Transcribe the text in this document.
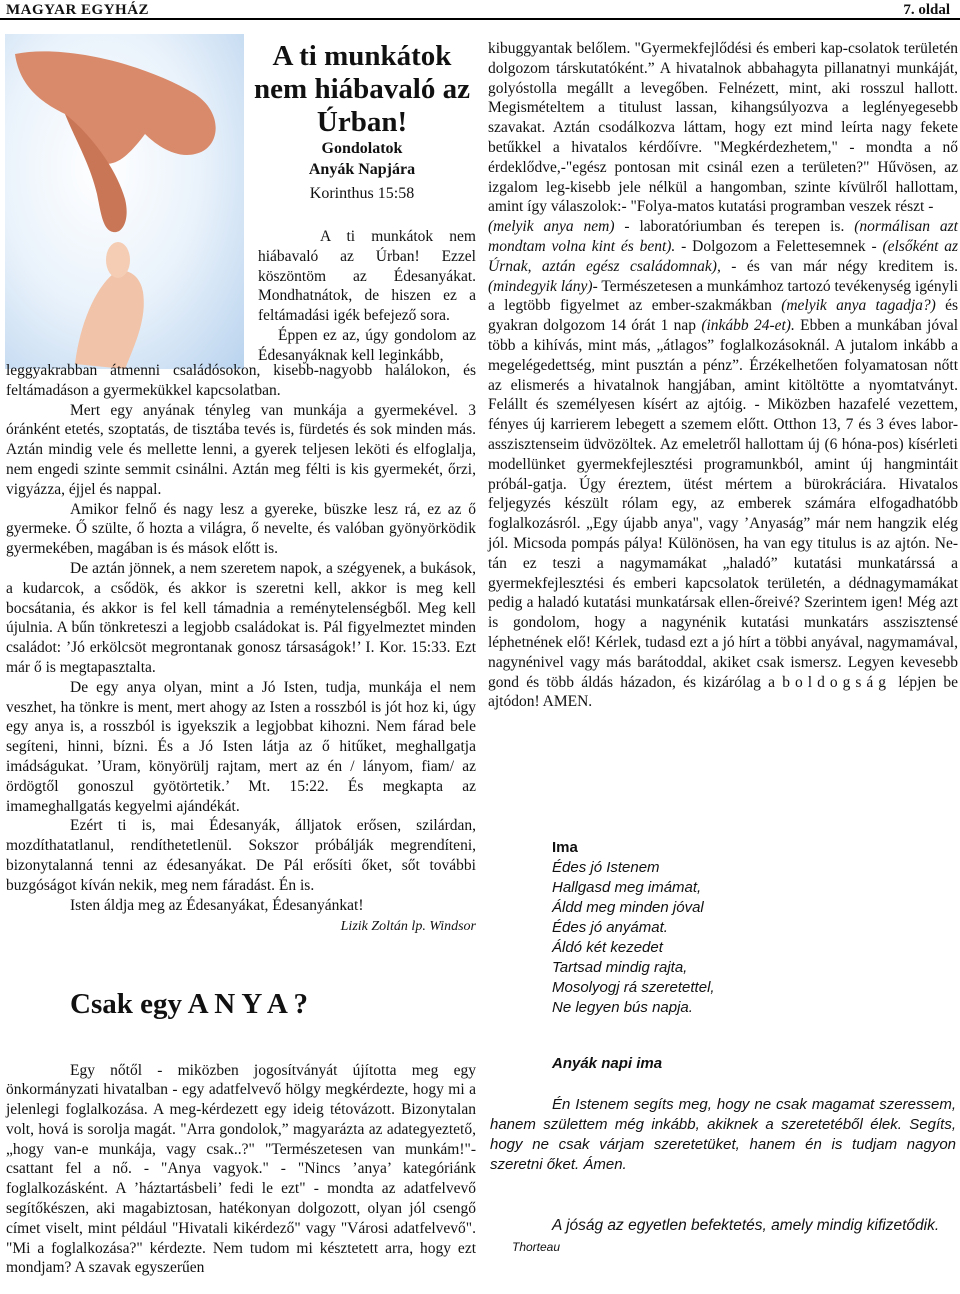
MAGYAR EGYHÁZ	7. oldal
A ti munkátok nem hiábavaló az Úrban!
Gondolatok
Anyák Napjára
Korinthus 15:58

A ti munkátok nem hiábavaló az Úrban! Ezzel köszöntöm az Édesanyákat. Mondhatnátok, de hiszen ez a feltámadási igék befejező sora.

Éppen ez az, úgy gondolom az Édesanyáknak kell leginkább,

leggyakrabban átmenni családósokon, kisebb-nagyobb halálokon, és feltámadáson a gyermekükkel kapcsolatban.

Mert egy anyának tényleg van munkája a gyermekével. 3 óránként etetés, szoptatás, de tisztába tevés is, fürdetés és sok minden más. Aztán mindig vele és mellette lenni, a gyerek teljesen leköti és elfoglalja, nem engedi szinte semmit csinálni. Aztán meg félti is kis gyermekét, őrzi, vigyázza, éjjel és nappal.

Amikor felnő és nagy lesz a gyereke, büszke lesz rá, ez az ő gyermeke. Ő szülte, ő hozta a világra, ő nevelte, és valóban gyönyörködik gyermekében, magában is és mások előtt is.

De aztán jönnek, a nem szeretem napok, a szégyenek, a bukások, a kudarcok, a csődök, és akkor is szeretni kell, akkor is meg kell bocsátania, és akkor is fel kell támadnia a reménytelenségből. Meg kell újulnia. A bűn tönkreteszi a legjobb családokat is. Pál figyelmeztet minden családot: ’Jó erkölcsöt megrontanak gonosz társaságok!’ I. Kor. 15:33. Ezt már ő is megtapasztalta.

De egy anya olyan, mint a Jó Isten, tudja, munkája el nem veszhet, ha tönkre is ment, mert ahogy az Isten a rosszból is jót hoz ki, úgy egy anya is, a rosszból is igyekszik a legjobbat kihozni. Nem fárad bele segíteni, hinni, bízni. És a Jó Isten látja az ő hitűket, meghallgatja imádságukat. ’Uram, könyörülj rajtam, mert az én / lányom, fiam/ az ördögtől gonoszul gyötörtetik.’ Mt. 15:22. És megkapta az imameghallgatás kegyelmi ajándékát.

Ezért ti is, mai Édesanyák, álljatok erősen, szilárdan, mozdíthatatlanul, rendíthetetlenül. Sokszor próbálják megrendíteni, bizonytalanná tenni az édesanyákat. De Pál erősíti őket, sőt további buzgóságot kíván nekik, meg nem fáradást. Én is.

Isten áldja meg az Édesanyákat, Édesanyánkat!

Lizik Zoltán lp. Windsor

Csak egy A N Y A ?

Egy nőtől - miközben jogosítványát újította meg egy önkormányzati hivatalban - egy adatfelvevő hölgy megkérdezte, hogy mi a jelenlegi foglalkozása. A meg-kérdezett egy ideig tétovázott. Bizonytalan volt, hová is sorolja magát. "Arra gondolok,” magyarázta az adategyeztető, „hogy van-e munkája, vagy csak..?" "Természetesen van munkám!"- csattant fel a nő. - "Anya vagyok." - "Nincs ’anya’ kategóriánk foglalkozásként. A ’háztartásbeli’ fedi le ezt" - mondta az adatfelvevő segítőkészen, aki magabiztosan, hatékonyan dolgozott, olyan jól csengő címet viselt, mint például "Hivatali kikérdező" vagy "Városi adatfelvevő". "Mi a foglalkozása?" kérdezte. Nem tudom mi késztetett arra, hogy ezt mondjam? A szavak egyszerűen

kibuggyantak belőlem. "Gyermekfejlődési és emberi kap-csolatok területén dolgozom társkutatóként.” A hivatalnok abbahagyta pillanatnyi munkáját, golyóstolla megállt a levegőben. Felnézett, mint, aki rosszul hallott. Megismételtem a titulust lassan, kihangsúlyozva a leglényegesebb szavakat. Aztán csodálkozva láttam, hogy ezt mind leírta nagy fekete betűkkel a hivatalos kérdőívre. "Megkérdezhetem," - mondta a nő érdeklődve,-"egész pontosan mit csinál ezen a területen?" Hűvösen, az izgalom leg-kisebb jele nélkül a hangomban, szinte kívülről hallottam, amint így válaszolok:- "Folya-matos kutatási programban veszek részt -
(melyik anya nem) - laboratóriumban és terepen is. (normálisan azt mondtam volna kint és bent). - Dolgozom a Felettesemnek - (elsőként az Úrnak, aztán egész családomnak), - és van már négy kreditem is. (mindegyik lány)- Természetesen a munkámhoz tartozó tevékenység igényli a legtöbb figyelmet az ember-szakmákban (melyik anya tagadja?) és gyakran dolgozom 14 órát 1 nap (inkább 24-et). Ebben a munkában jóval több a kihívás, mint más, „átlagos” foglalkozásoknál. A jutalom inkább a megelégedettség, mint pusztán a pénz”. Érzékelhetően folyamatosan nőtt az elismerés a hivatalnok hangjában, amint kitöltötte a nyomtatványt. Felállt és személyesen kísért az ajtóig. - Miközben hazafelé vezettem, fényes új karrierem lebegett a szemem előtt. Otthon 13, 7 és 3 éves labor-asszisztenseim üdvözöltek. Az emeletről hallottam új (6 hóna-pos) kísérleti modellünket gyermekfejlesztési programunkból, amint új hangmintáit próbál-gatja. Úgy éreztem, ütést mértem a bürokráciára. Hivatalos feljegyzés készült rólam egy, az emberek számára elfogadhatóbb foglalkozásról. „Egy újabb anya", vagy ’Anyaság” már nem hangzik elég jól. Micsoda pompás pálya! Különösen, ha van egy titulus is az ajtón. Ne-tán ez teszi a nagymamákat „haladó” kutatási munkatárssá a gyermekfejlesztési és emberi kapcsolatok területén, a dédnagymamákat pedig a haladó kutatási munkatársak ellen-őreivé? Szerintem igen! Még azt is gondolom, hogy a nagynénik kutatási munkatárs asszisztensé léphetnének elő! Kérlek, tudasd ezt a jó hírt a többi anyával, nagymamával, nagynénivel vagy más barátoddal, akiket csak ismersz. Legyen kevesebb gond és több áldás házadon, és kizárólag a boldogság lépjen be ajtódon! AMEN.

Ima
Édes jó Istenem
Hallgasd meg imámat,
Áldd meg minden jóval
Édes jó anyámat.
Áldó két kezedet
Tartsad mindig rajta,
Mosolyogj rá szeretettel,
Ne legyen bús napja.
Anyák napi ima
Én Istenem segíts meg, hogy ne csak magamat szeressem, hanem születtem még inkább, akiknek a szeretetéből élek. Segíts, hogy ne csak várjam szeretetüket, hanem én is tudjam nagyon szeretni őket. Ámen.
A jóság az egyetlen befektetés, amely mindig kifizetődik. Thorteau
